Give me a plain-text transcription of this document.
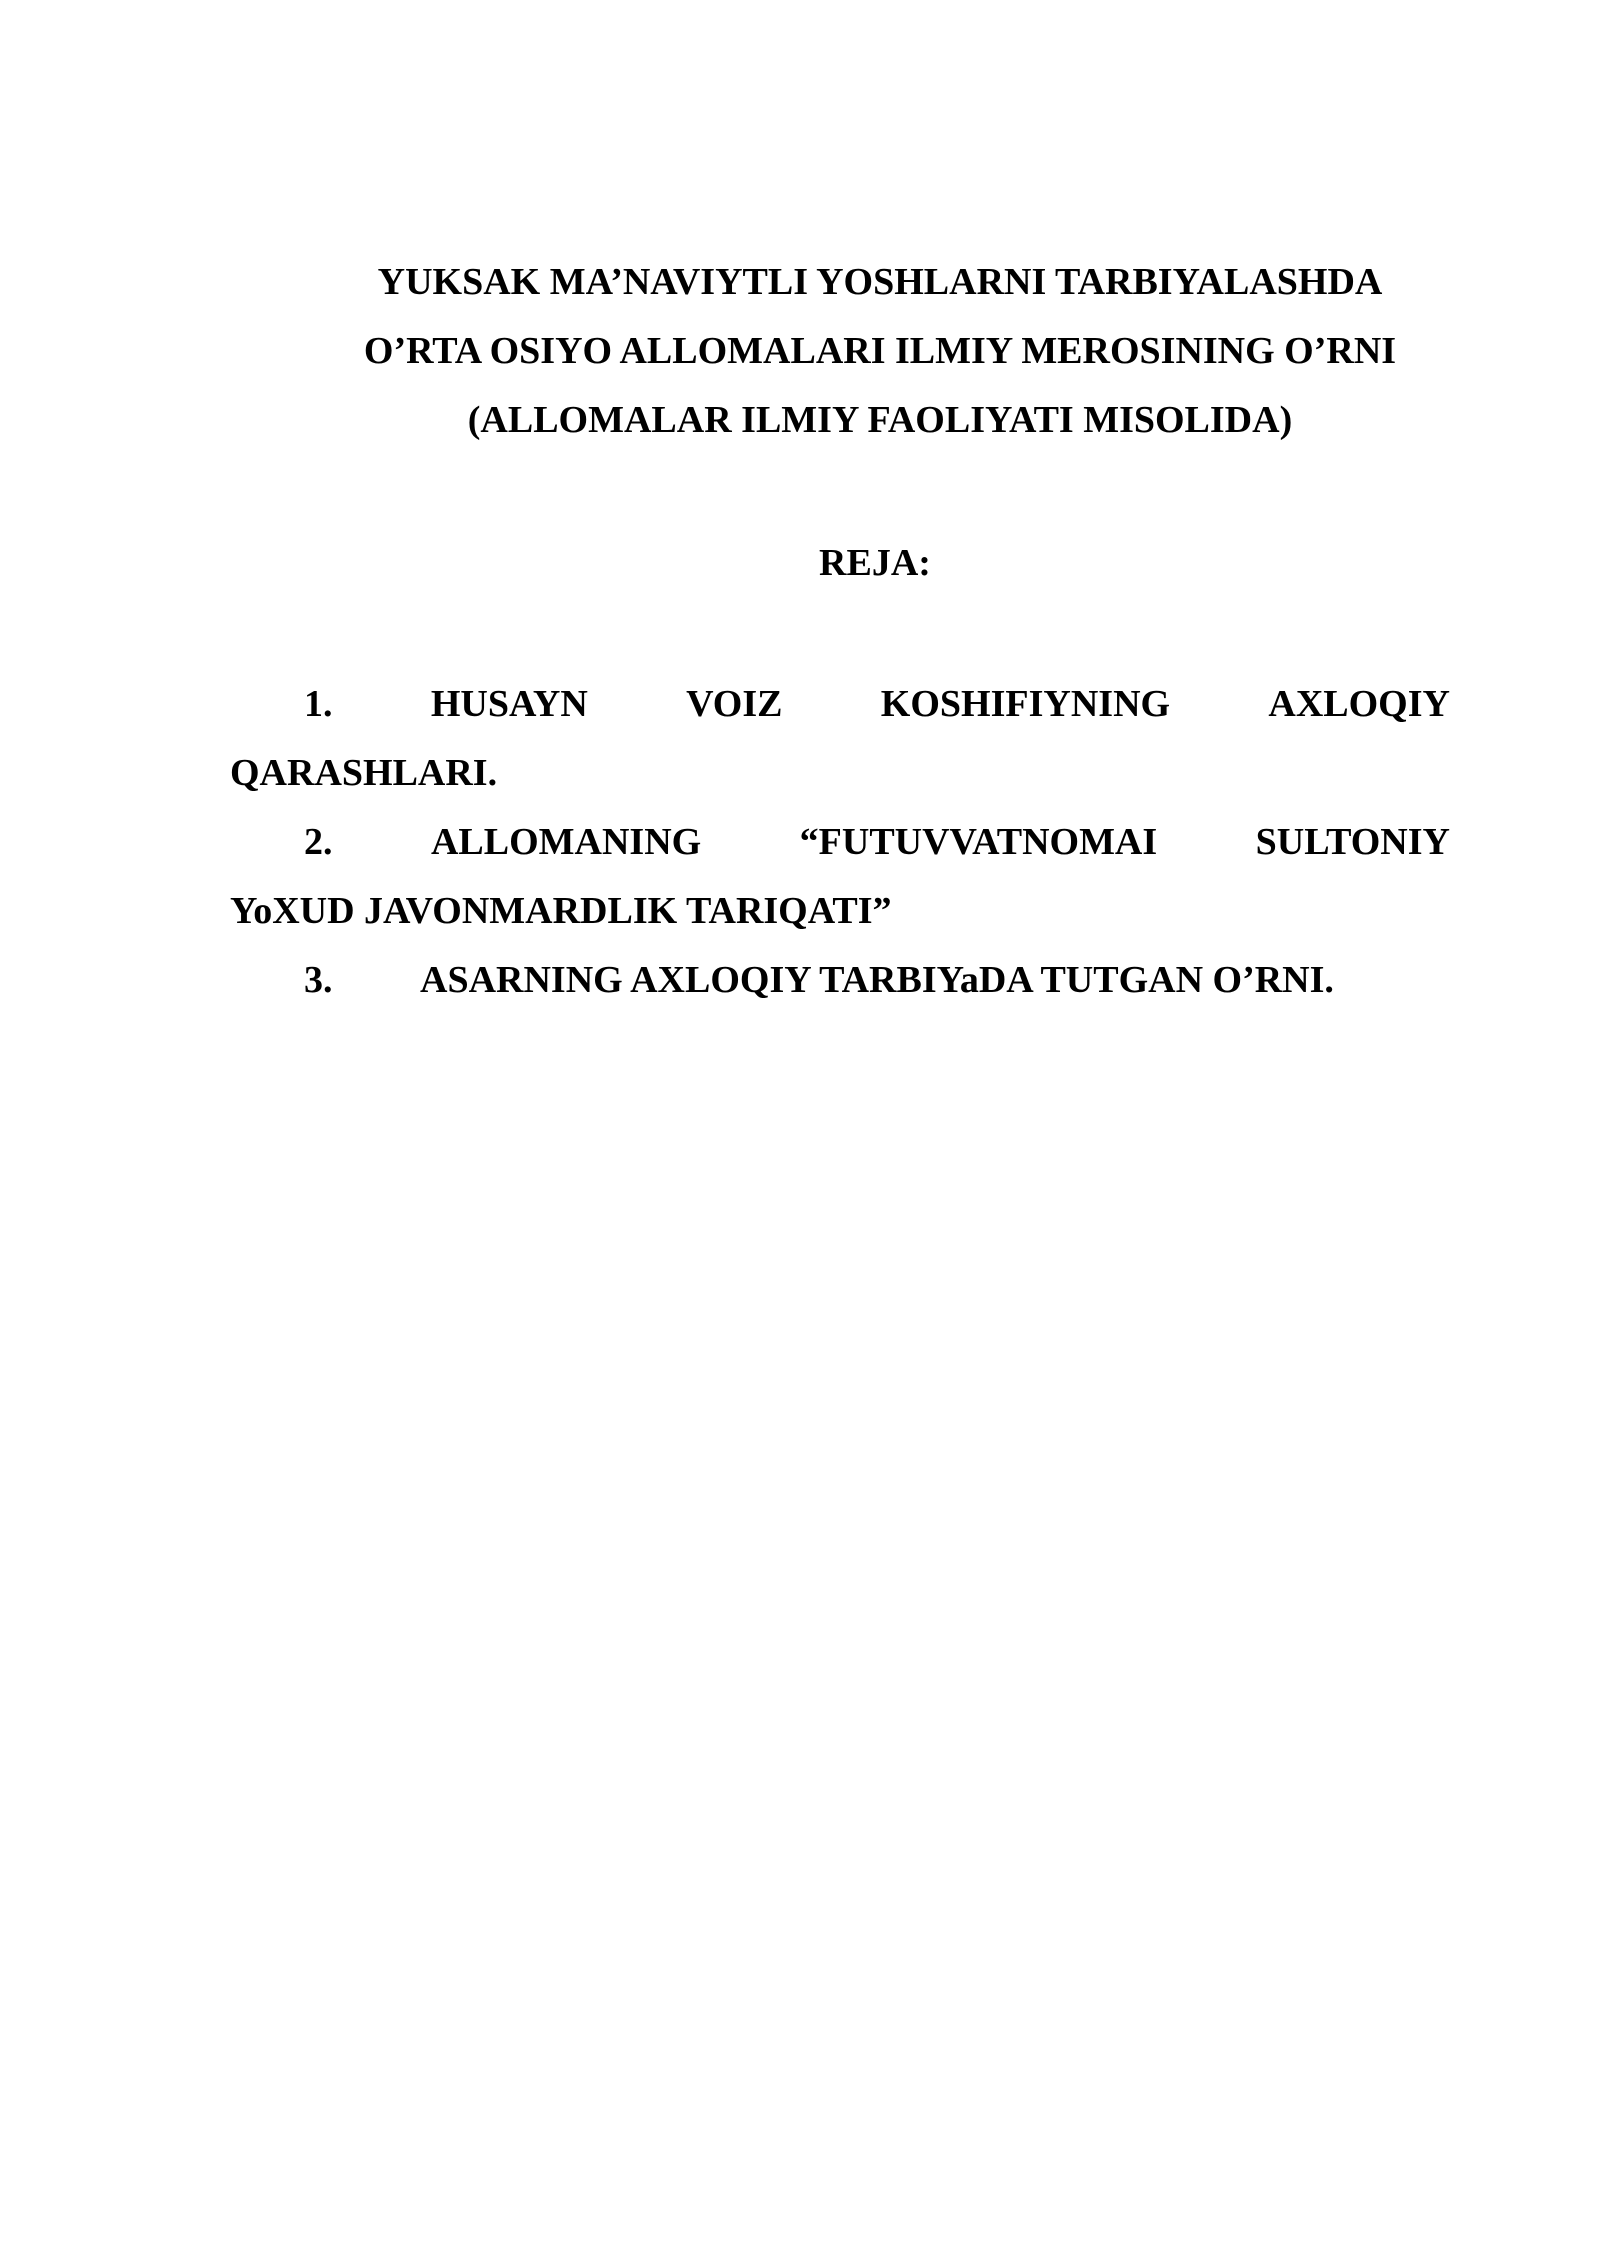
YUKSAK MA’NAVIYTLI YOSHLARNI TARBIYALASHDA
O’RTA OSIYO ALLOMALARI ILMIY MEROSINING O’RNI
(ALLOMALAR ILMIY FAOLIYATI MISOLIDA)
REJA:
1.	HUSAYN	VOIZ	KOSHIFIYNING	AXLOQIY
QARASHLARI.
2.	ALLOMANING	“FUTUVVATNOMAI	SULTONIY
YoXUD JAVONMARDLIK TARIQATI”
3.	ASARNING AXLOQIY TARBIYaDA TUTGAN O’RNI.
